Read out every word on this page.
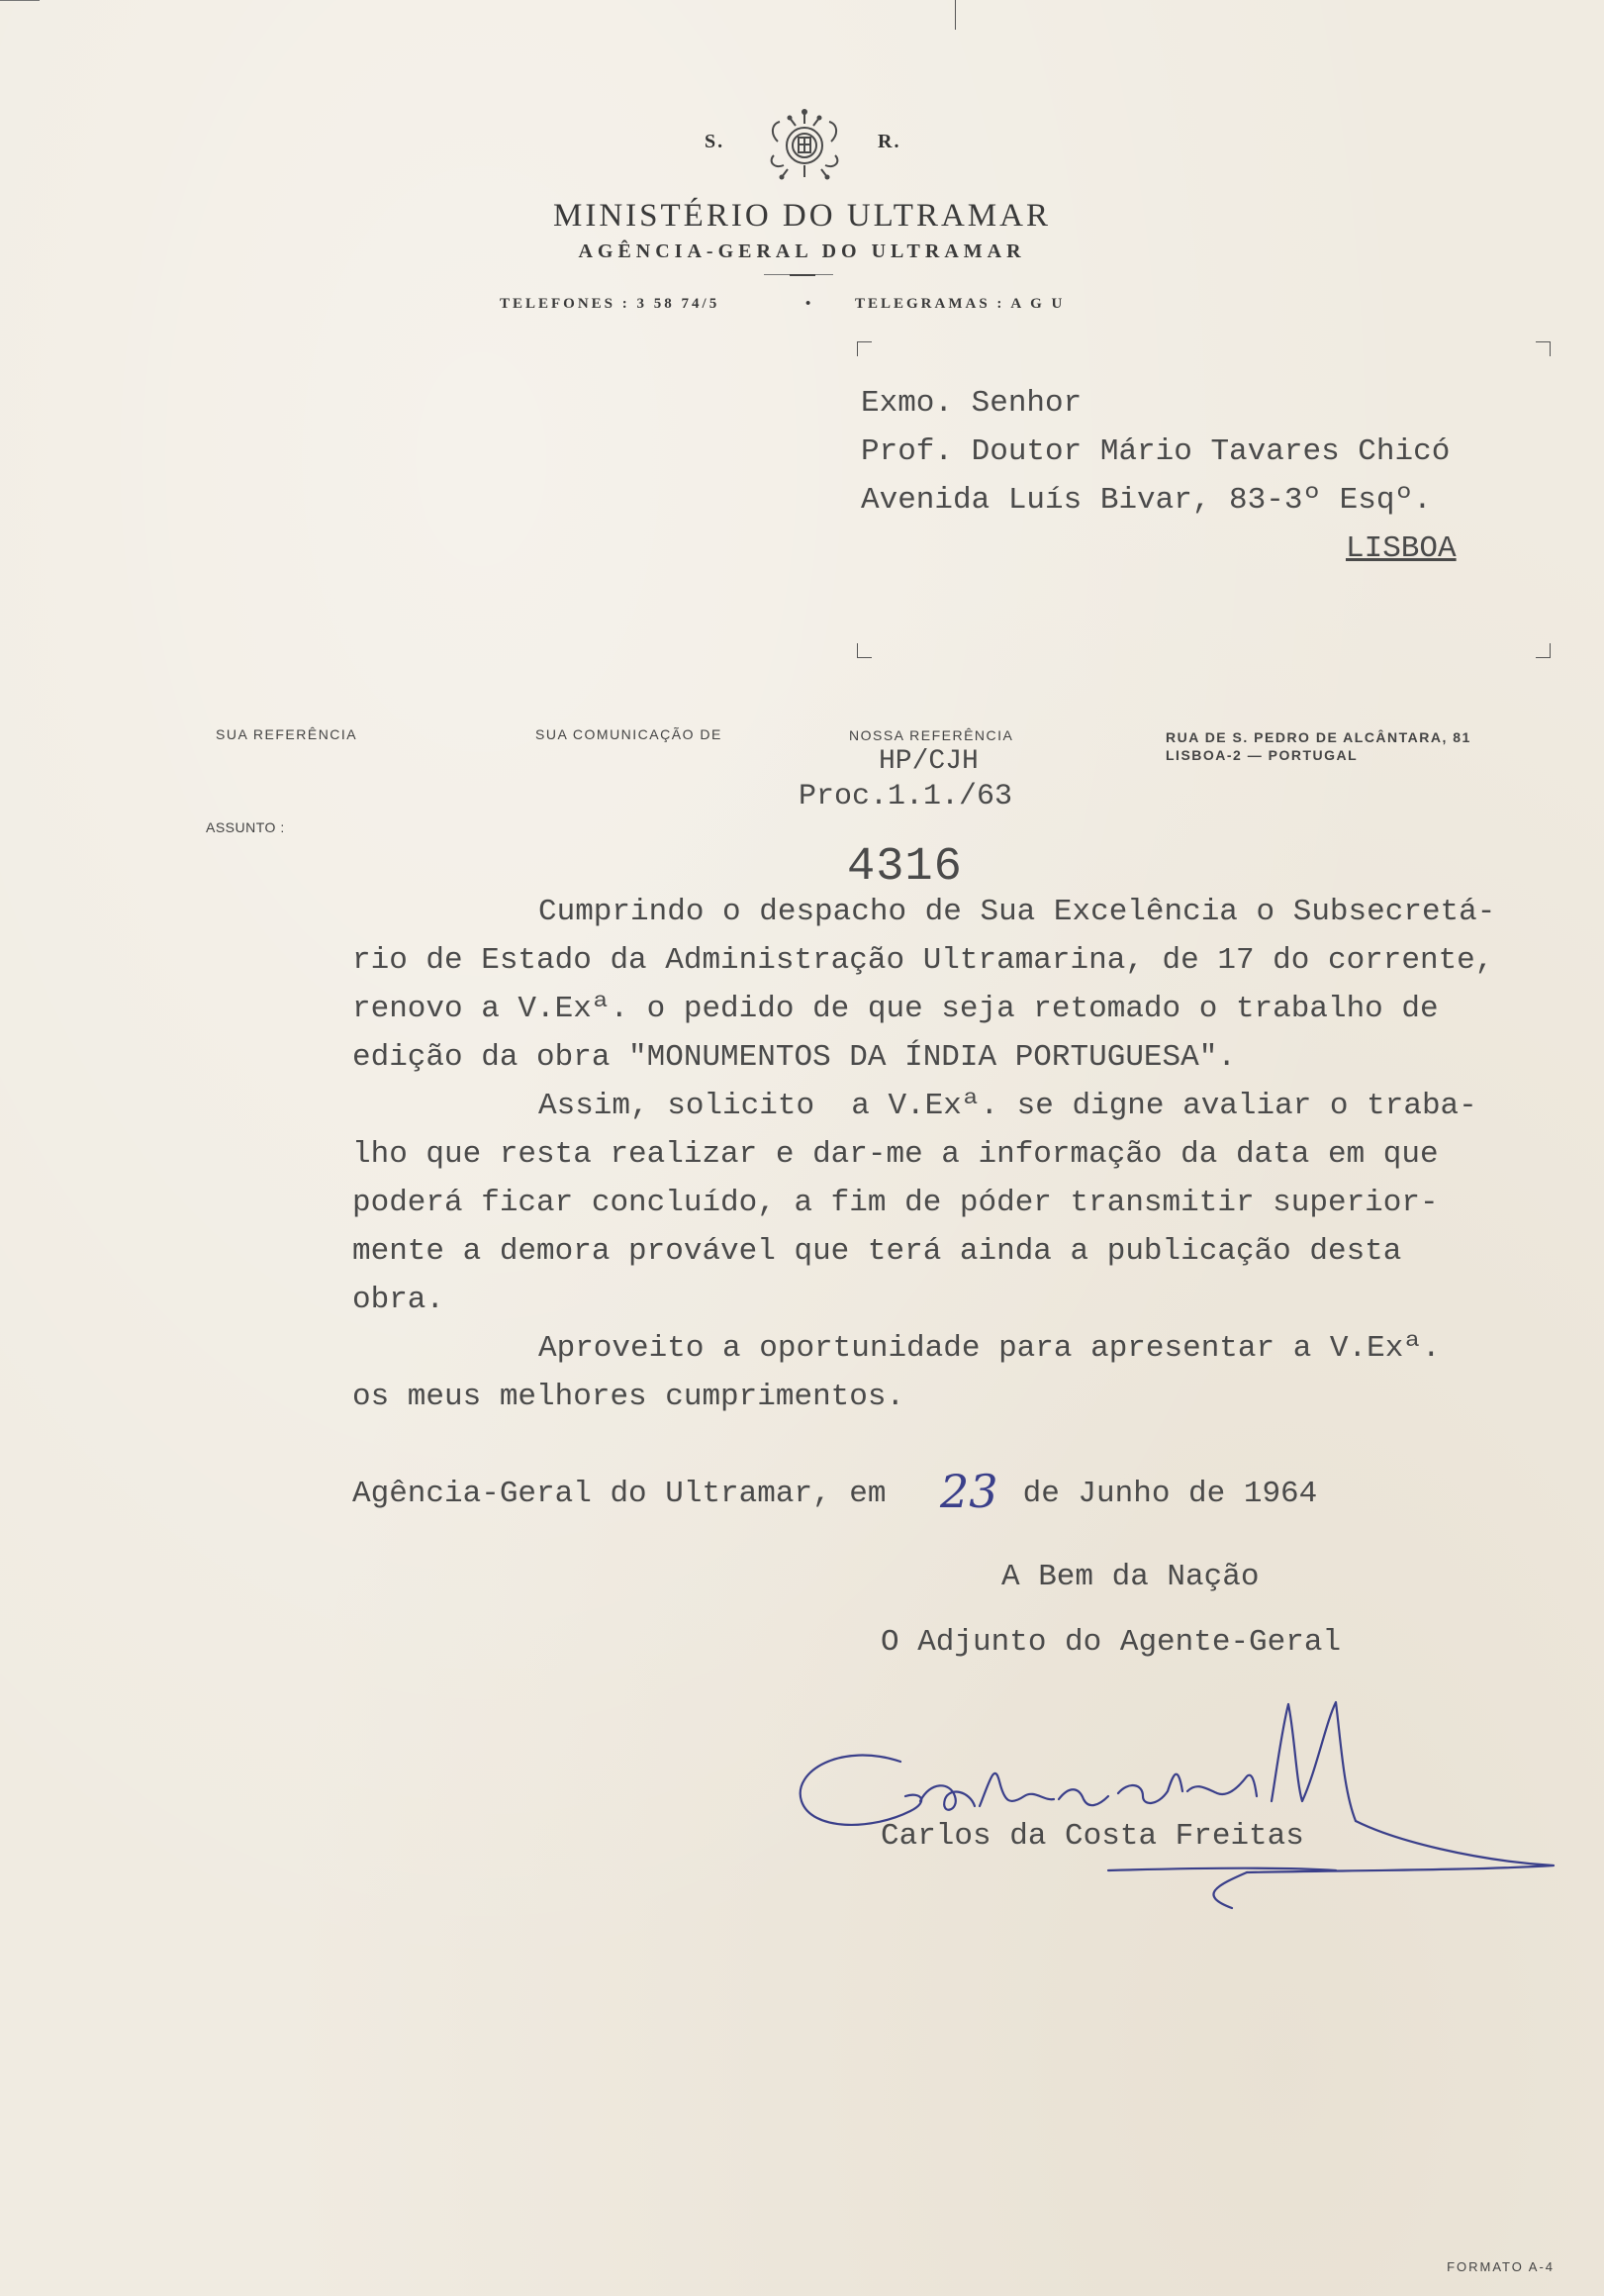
S.	R.
MINISTÉRIO DO ULTRAMAR
AGÊNCIA-GERAL DO ULTRAMAR
TELEFONES : 3 58 74/5	•	TELEGRAMAS : A G U
Exmo. Senhor
Prof. Doutor Mário Tavares Chicó
Avenida Luís Bivar, 83-3º Esqº.
LISBOA
SUA REFERÊNCIA	SUA COMUNICAÇÃO DE	NOSSA REFERÊNCIA	RUA DE S. PEDRO DE ALCÂNTARA, 81
LISBOA-2 — PORTUGAL
ASSUNTO :
HP/CJH
Proc.1.1./63
4316
Cumprindo o despacho de Sua Excelência o Subsecretá-
rio de Estado da Administração Ultramarina, de 17 do corrente,
renovo a V.Exª. o pedido de que seja retomado o trabalho de
edição da obra "MONUMENTOS DA ÍNDIA PORTUGUESA".
Assim, solicito  a V.Exª. se digne avaliar o traba-
lho que resta realizar e dar-me a informação da data em que
poderá ficar concluído, a fim de póder transmitir superior-
mente a demora provável que terá ainda a publicação desta
obra.
Aproveito a oportunidade para apresentar a V.Exª.
os meus melhores cumprimentos.
Agência-Geral do Ultramar, em 23 de Junho de 1964
A Bem da Nação
O Adjunto do Agente-Geral
Carlos da Costa Freitas
FORMATO A-4
